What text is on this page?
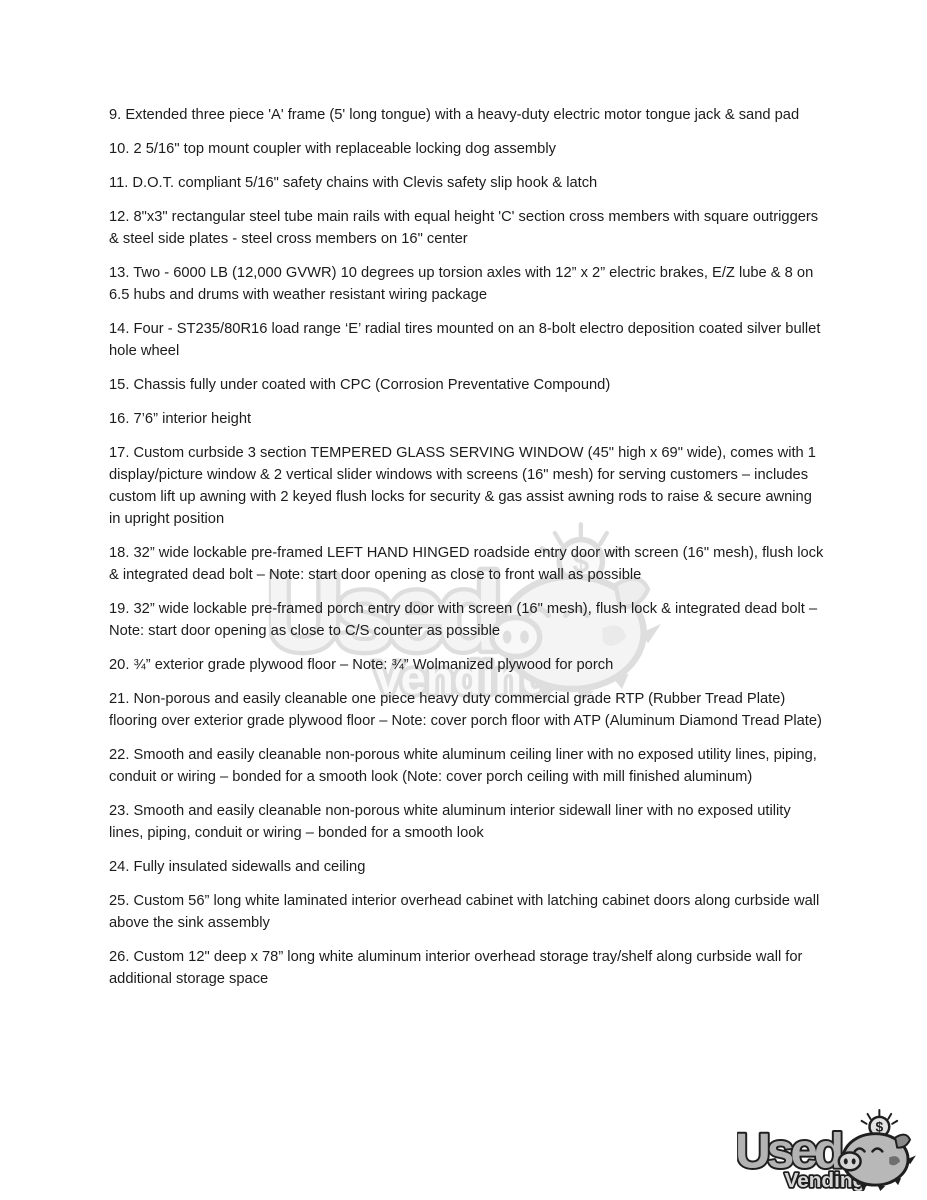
9. Extended three piece 'A' frame (5' long tongue) with a heavy-duty electric motor tongue jack & sand pad

10. 2 5/16" top mount coupler with replaceable locking dog assembly

11. D.O.T. compliant 5/16" safety chains with Clevis safety slip hook & latch

12. 8"x3" rectangular steel tube main rails with equal height 'C' section cross members with square outriggers & steel side plates - steel cross members on 16" center

13. Two - 6000 LB (12,000 GVWR) 10 degrees up torsion axles with 12” x 2” electric brakes, E/Z lube & 8 on 6.5 hubs and drums with weather resistant wiring package

14. Four - ST235/80R16 load range ‘E’ radial tires mounted on an 8-bolt electro deposition coated silver bullet hole wheel

15. Chassis fully under coated with CPC (Corrosion Preventative Compound)

16. 7’6” interior height

17. Custom curbside 3 section TEMPERED GLASS SERVING WINDOW (45" high x 69" wide), comes with 1 display/picture window & 2 vertical slider windows with screens (16" mesh) for serving customers – includes custom lift up awning with 2 keyed flush locks for security & gas assist awning rods to raise & secure awning in upright position

18. 32” wide lockable pre-framed LEFT HAND HINGED roadside entry door with screen (16" mesh), flush lock & integrated dead bolt – Note: start door opening as close to front wall as possible

19. 32” wide lockable pre-framed porch entry door with screen (16" mesh), flush lock & integrated dead bolt – Note: start door opening as close to C/S counter as possible

20. ¾” exterior grade plywood floor – Note: ¾” Wolmanized plywood for porch

21. Non-porous and easily cleanable one piece heavy duty commercial grade RTP (Rubber Tread Plate) flooring over exterior grade plywood floor – Note: cover porch floor with ATP (Aluminum Diamond Tread Plate)

22. Smooth and easily cleanable non-porous white aluminum ceiling liner with no exposed utility lines, piping, conduit or wiring – bonded for a smooth look (Note: cover porch ceiling with mill finished aluminum)

23. Smooth and easily cleanable non-porous white aluminum interior sidewall liner with no exposed utility lines, piping, conduit or wiring – bonded for a smooth look

24. Fully insulated sidewalls and ceiling

25. Custom 56” long white laminated interior overhead cabinet with latching cabinet doors along curbside wall above the sink assembly

26. Custom 12" deep x 78” long white aluminum interior overhead storage tray/shelf along curbside wall for additional storage space
